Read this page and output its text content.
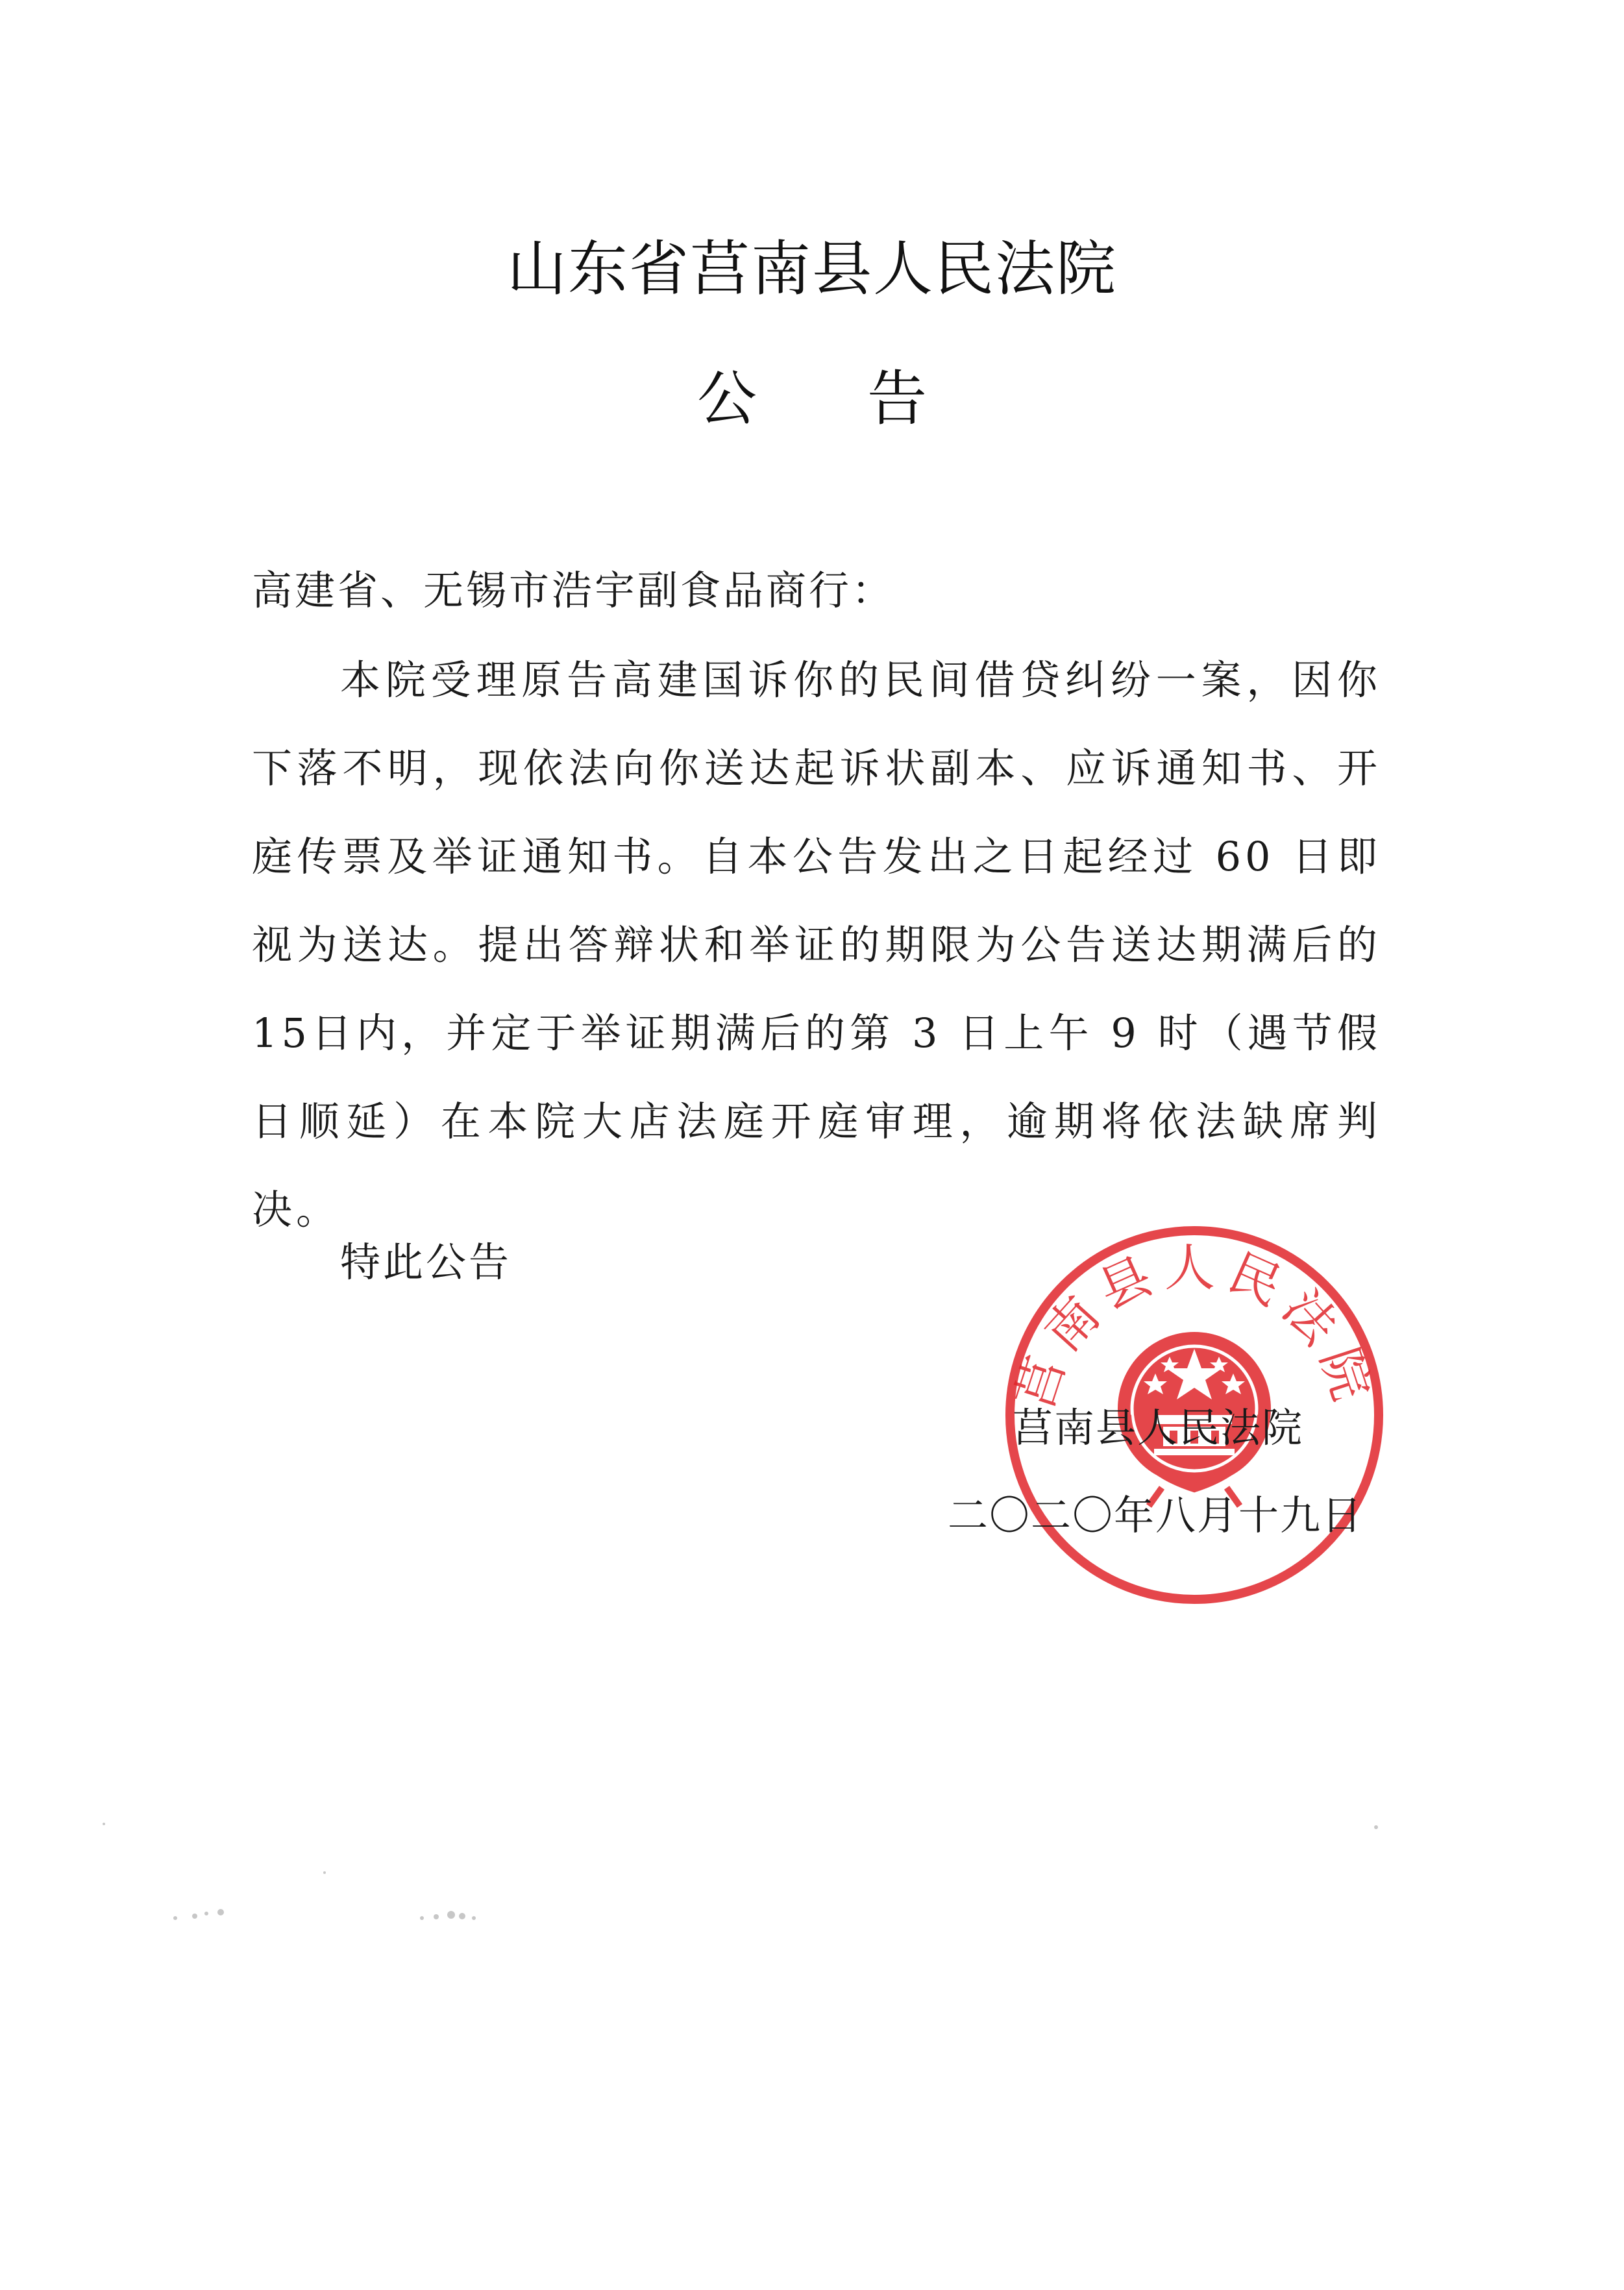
山东省莒南县人民法院
公告
高建省、无锡市浩宇副食品商行：
本院受理原告高建国诉你的民间借贷纠纷一案，因你下落不明，现依法向你送达起诉状副本、应诉通知书、开庭传票及举证通知书。自本公告发出之日起经过 60 日即视为送达。提出答辩状和举证的期限为公告送达期满后的15日内，并定于举证期满后的第 3 日上午 9 时（遇节假日顺延）在本院大店法庭开庭审理，逾期将依法缺席判决。
特此公告
莒南县人民法院
莒南县人民法院
二〇二〇年八月十九日
